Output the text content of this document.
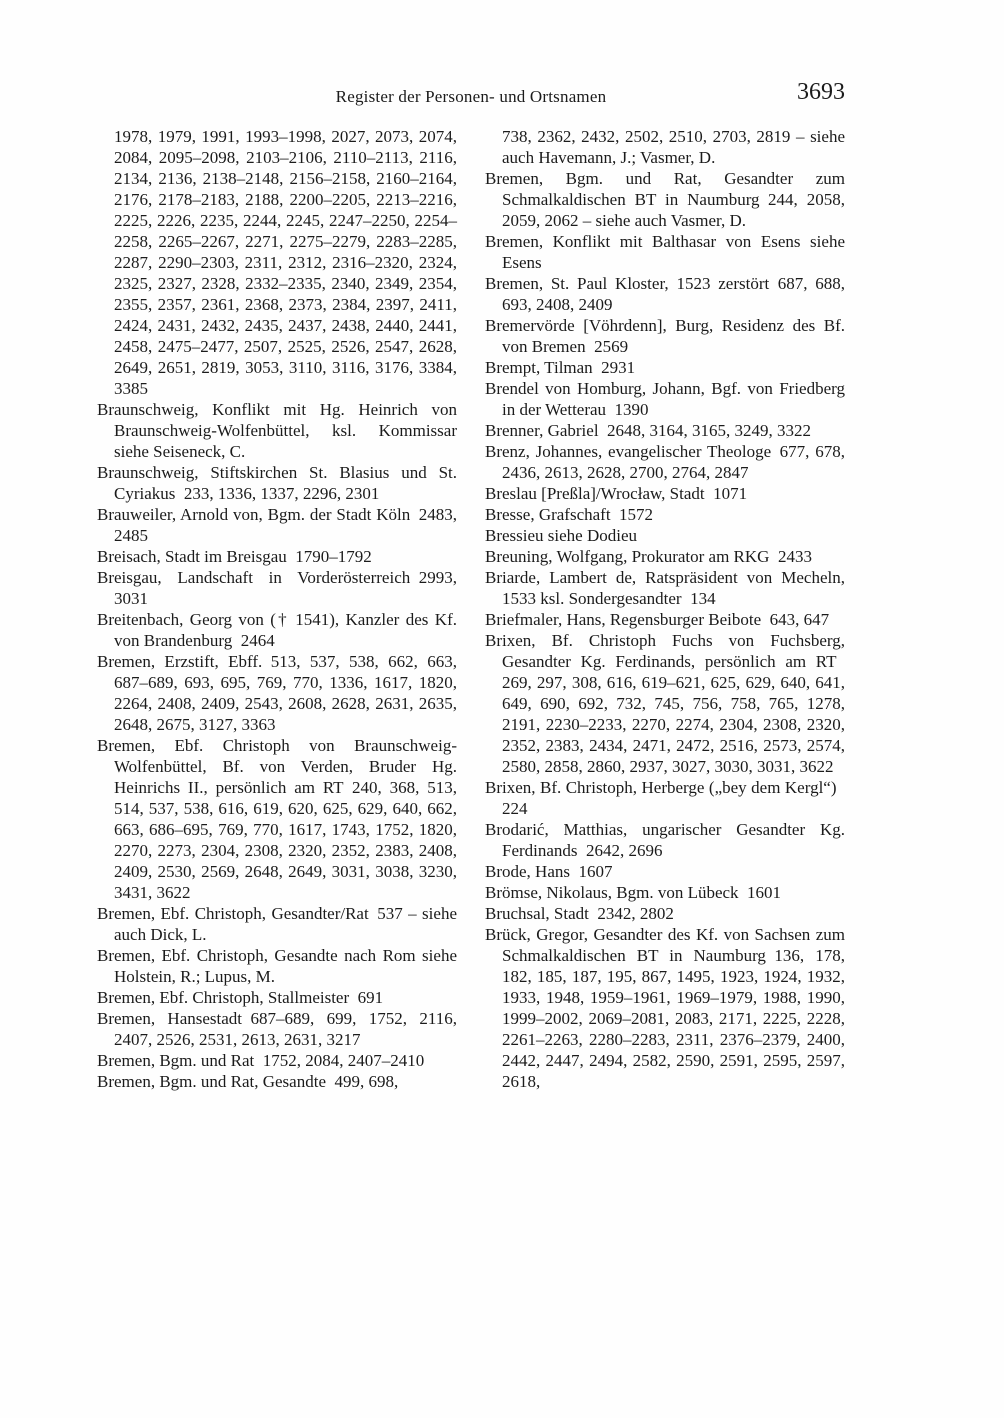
Register der Personen- und Ortsnamen	3693

1978, 1979, 1991, 1993–1998, 2027, 2073, 2074, 2084, 2095–2098, 2103–2106, 2110–2113, 2116, 2134, 2136, 2138–2148, 2156–2158, 2160–2164, 2176, 2178–2183, 2188, 2200–2205, 2213–2216, 2225, 2226, 2235, 2244, 2245, 2247–2250, 2254–2258, 2265–2267, 2271, 2275–2279, 2283–2285, 2287, 2290–2303, 2311, 2312, 2316–2320, 2324, 2325, 2327, 2328, 2332–2335, 2340, 2349, 2354, 2355, 2357, 2361, 2368, 2373, 2384, 2397, 2411, 2424, 2431, 2432, 2435, 2437, 2438, 2440, 2441, 2458, 2475–2477, 2507, 2525, 2526, 2547, 2628, 2649, 2651, 2819, 3053, 3110, 3116, 3176, 3384, 3385

Braunschweig, Konflikt mit Hg. Heinrich von Braunschweig-Wolfenbüttel, ksl. Kommissar siehe Seiseneck, C.

Braunschweig, Stiftskirchen St. Blasius und St. Cyriakus 233, 1336, 1337, 2296, 2301

Brauweiler, Arnold von, Bgm. der Stadt Köln 2483, 2485

Breisach, Stadt im Breisgau 1790–1792

Breisgau, Landschaft in Vorderösterreich 2993, 3031

Breitenbach, Georg von († 1541), Kanzler des Kf. von Brandenburg 2464

Bremen, Erzstift, Ebff. 513, 537, 538, 662, 663, 687–689, 693, 695, 769, 770, 1336, 1617, 1820, 2264, 2408, 2409, 2543, 2608, 2628, 2631, 2635, 2648, 2675, 3127, 3363

Bremen, Ebf. Christoph von Braunschweig-Wolfenbüttel, Bf. von Verden, Bruder Hg. Heinrichs II., persönlich am RT 240, 368, 513, 514, 537, 538, 616, 619, 620, 625, 629, 640, 662, 663, 686–695, 769, 770, 1617, 1743, 1752, 1820, 2270, 2273, 2304, 2308, 2320, 2352, 2383, 2408, 2409, 2530, 2569, 2648, 2649, 3031, 3038, 3230, 3431, 3622

Bremen, Ebf. Christoph, Gesandter/Rat 537 – siehe auch Dick, L.

Bremen, Ebf. Christoph, Gesandte nach Rom siehe Holstein, R.; Lupus, M.

Bremen, Ebf. Christoph, Stallmeister 691

Bremen, Hansestadt 687–689, 699, 1752, 2116, 2407, 2526, 2531, 2613, 2631, 3217

Bremen, Bgm. und Rat 1752, 2084, 2407–2410

Bremen, Bgm. und Rat, Gesandte 499, 698,

738, 2362, 2432, 2502, 2510, 2703, 2819 – siehe auch Havemann, J.; Vasmer, D.

Bremen, Bgm. und Rat, Gesandter zum Schmalkaldischen BT in Naumburg 244, 2058, 2059, 2062 – siehe auch Vasmer, D.

Bremen, Konflikt mit Balthasar von Esens siehe Esens

Bremen, St. Paul Kloster, 1523 zerstört 687, 688, 693, 2408, 2409

Bremervörde [Vöhrdenn], Burg, Residenz des Bf. von Bremen 2569

Brempt, Tilman 2931

Brendel von Homburg, Johann, Bgf. von Friedberg in der Wetterau 1390

Brenner, Gabriel 2648, 3164, 3165, 3249, 3322

Brenz, Johannes, evangelischer Theologe 677, 678, 2436, 2613, 2628, 2700, 2764, 2847

Breslau [Preßla]/Wrocław, Stadt 1071

Bresse, Grafschaft 1572

Bressieu siehe Dodieu

Breuning, Wolfgang, Prokurator am RKG 2433

Briarde, Lambert de, Ratspräsident von Mecheln, 1533 ksl. Sondergesandter 134

Briefmaler, Hans, Regensburger Beibote 643, 647

Brixen, Bf. Christoph Fuchs von Fuchsberg, Gesandter Kg. Ferdinands, persönlich am RT 269, 297, 308, 616, 619–621, 625, 629, 640, 641, 649, 690, 692, 732, 745, 756, 758, 765, 1278, 2191, 2230–2233, 2270, 2274, 2304, 2308, 2320, 2352, 2383, 2434, 2471, 2472, 2516, 2573, 2574, 2580, 2858, 2860, 2937, 3027, 3030, 3031, 3622

Brixen, Bf. Christoph, Herberge („bey dem Kergl“) 224

Brodarić, Matthias, ungarischer Gesandter Kg. Ferdinands 2642, 2696

Brode, Hans 1607

Brömse, Nikolaus, Bgm. von Lübeck 1601

Bruchsal, Stadt 2342, 2802

Brück, Gregor, Gesandter des Kf. von Sachsen zum Schmalkaldischen BT in Naumburg 136, 178, 182, 185, 187, 195, 867, 1495, 1923, 1924, 1932, 1933, 1948, 1959–1961, 1969–1979, 1988, 1990, 1999–2002, 2069–2081, 2083, 2171, 2225, 2228, 2261–2263, 2280–2283, 2311, 2376–2379, 2400, 2442, 2447, 2494, 2582, 2590, 2591, 2595, 2597, 2618,
